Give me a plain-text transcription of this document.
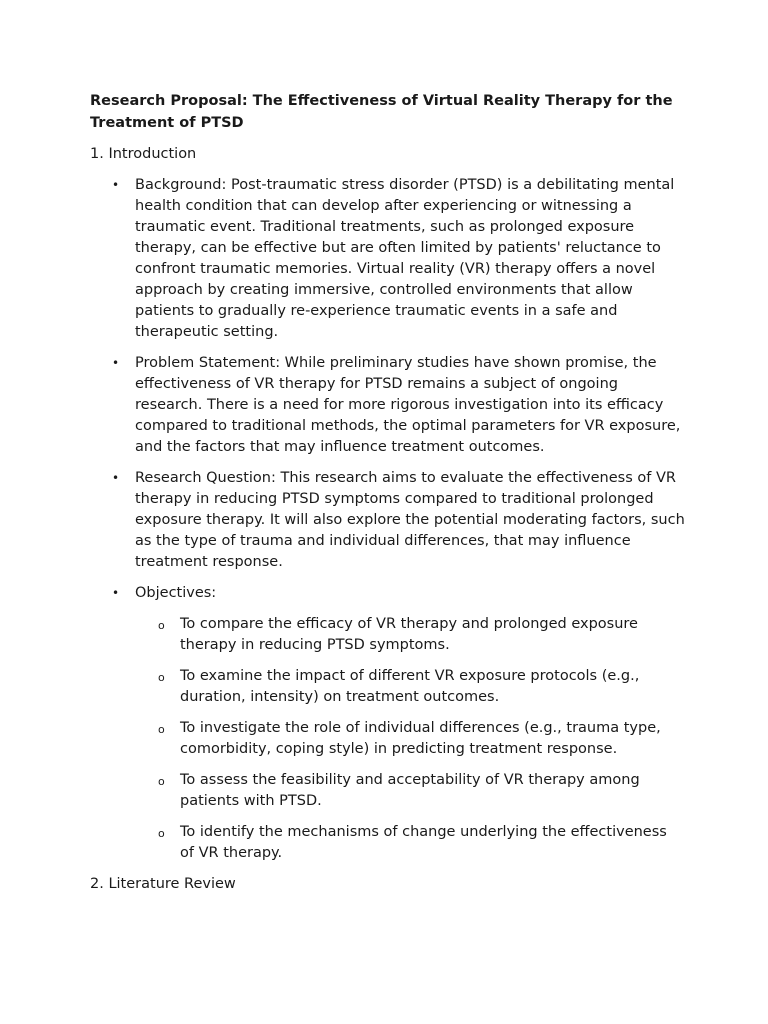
Research Proposal: The Effectiveness of Virtual Reality Therapy for the Treatment of PTSD
1. Introduction
• Background: Post-traumatic stress disorder (PTSD) is a debilitating mental health condition that can develop after experiencing or witnessing a traumatic event. Traditional treatments, such as prolonged exposure therapy, can be effective but are often limited by patients' reluctance to confront traumatic memories. Virtual reality (VR) therapy offers a novel approach by creating immersive, controlled environments that allow patients to gradually re-experience traumatic events in a safe and therapeutic setting.
• Problem Statement: While preliminary studies have shown promise, the effectiveness of VR therapy for PTSD remains a subject of ongoing research. There is a need for more rigorous investigation into its efficacy compared to traditional methods, the optimal parameters for VR exposure, and the factors that may influence treatment outcomes.
• Research Question: This research aims to evaluate the effectiveness of VR therapy in reducing PTSD symptoms compared to traditional prolonged exposure therapy. It will also explore the potential moderating factors, such as the type of trauma and individual differences, that may influence treatment response.
• Objectives:
o To compare the efficacy of VR therapy and prolonged exposure therapy in reducing PTSD symptoms.
o To examine the impact of different VR exposure protocols (e.g., duration, intensity) on treatment outcomes.
o To investigate the role of individual differences (e.g., trauma type, comorbidity, coping style) in predicting treatment response.
o To assess the feasibility and acceptability of VR therapy among patients with PTSD.
o To identify the mechanisms of change underlying the effectiveness of VR therapy.
2. Literature Review
